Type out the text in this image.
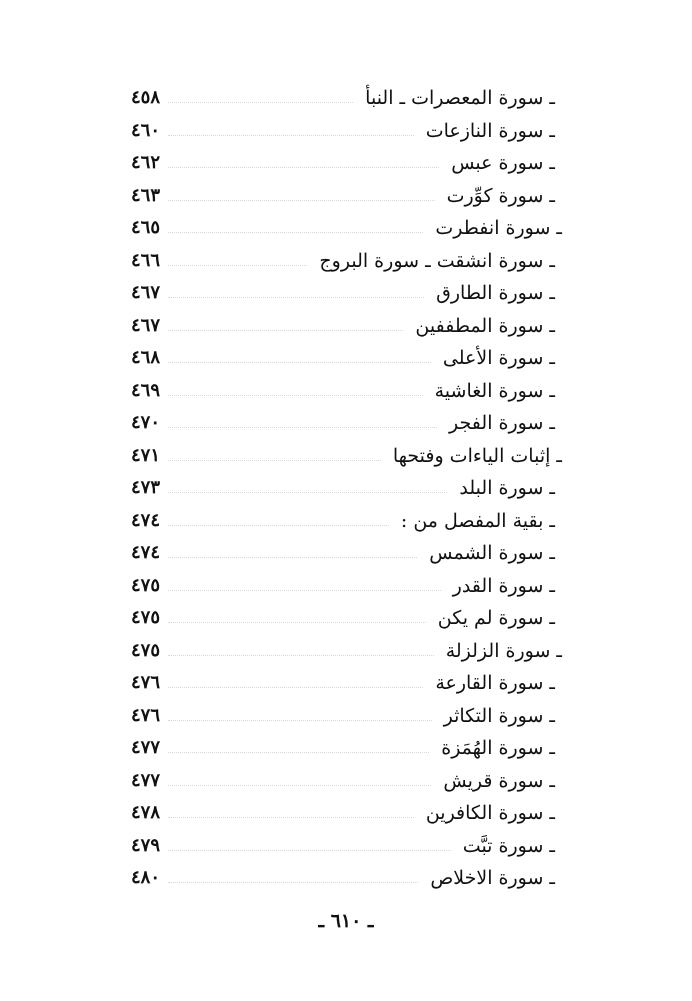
ـ سورة المعصرات ـ النبأ
٤٥٨
ـ سورة النازعات
٤٦٠
ـ سورة عبس
٤٦٢
ـ سورة كوِّرت
٤٦٣
ـ سورة انفطرت
٤٦٥
ـ سورة انشقت ـ سورة البروج
٤٦٦
ـ سورة الطارق
٤٦٧
ـ سورة المطففين
٤٦٧
ـ سورة الأعلى
٤٦٨
ـ سورة الغاشية
٤٦٩
ـ سورة الفجر
٤٧٠
ـ إثبات الياءات وفتحها
٤٧١
ـ سورة البلد
٤٧٣
ـ بقية المفصل من :
٤٧٤
ـ سورة الشمس
٤٧٤
ـ سورة القدر
٤٧٥
ـ سورة لم يكن
٤٧٥
ـ سورة الزلزلة
٤٧٥
ـ سورة القارعة
٤٧٦
ـ سورة التكاثر
٤٧٦
ـ سورة الهُمَزة
٤٧٧
ـ سورة قريش
٤٧٧
ـ سورة الكافرين
٤٧٨
ـ سورة تبَّت
٤٧٩
ـ سورة الاخلاص
٤٨٠
ـ ٦١٠ ـ
